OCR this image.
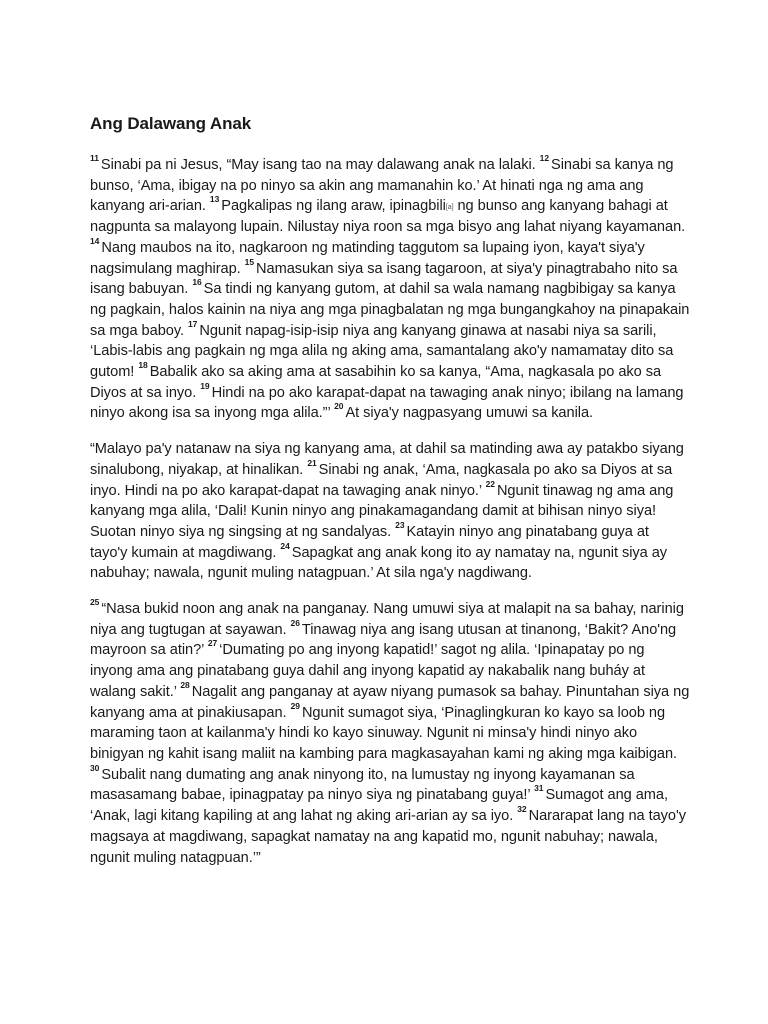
Ang Dalawang Anak

$^{11}$ Sinabi pa ni Jesus, “May isang tao na may dalawang anak na lalaki. $^{12}$ Sinabi sa kanya ng bunso, ‘Ama, ibigay na po ninyo sa akin ang mamanahin ko.’ At hinati nga ng ama ang kanyang ari-arian. $^{13}$ Pagkalipas ng ilang araw, ipinagbili[a] ng bunso ang kanyang bahagi at nagpunta sa malayong lupain. Nilustay niya roon sa mga bisyo ang lahat niyang kayamanan. $^{14}$ Nang maubos na ito, nagkaroon ng matinding taggutom sa lupaing iyon, kaya't siya'y nagsimulang maghirap. $^{15}$ Namasukan siya sa isang tagaroon, at siya'y pinagtrabaho nito sa isang babuyan. $^{16}$ Sa tindi ng kanyang gutom, at dahil sa wala namang nagbibigay sa kanya ng pagkain, halos kainin na niya ang mga pinagbalatan ng mga bungangkahoy na pinapakain sa mga baboy. $^{17}$ Ngunit napag-isip-isip niya ang kanyang ginawa at nasabi niya sa sarili, ‘Labis-labis ang pagkain ng mga alila ng aking ama, samantalang ako'y namamatay dito sa gutom! $^{18}$ Babalik ako sa aking ama at sasabihin ko sa kanya, “Ama, nagkasala po ako sa Diyos at sa inyo. $^{19}$ Hindi na po ako karapat-dapat na tawaging anak ninyo; ibilang na lamang ninyo akong isa sa inyong mga alila.”’ $^{20}$ At siya'y nagpasyang umuwi sa kanila.

“Malayo pa'y natanaw na siya ng kanyang ama, at dahil sa matinding awa ay patakbo siyang sinalubong, niyakap, at hinalikan. $^{21}$ Sinabi ng anak, ‘Ama, nagkasala po ako sa Diyos at sa inyo. Hindi na po ako karapat-dapat na tawaging anak ninyo.’ $^{22}$ Ngunit tinawag ng ama ang kanyang mga alila, ‘Dali! Kunin ninyo ang pinakamagandang damit at bihisan ninyo siya! Suotan ninyo siya ng singsing at ng sandalyas. $^{23}$ Katayin ninyo ang pinatabang guya at tayo'y kumain at magdiwang. $^{24}$ Sapagkat ang anak kong ito ay namatay na, ngunit siya ay nabuhay; nawala, ngunit muling natagpuan.’ At sila nga'y nagdiwang.

$^{25}$ “Nasa bukid noon ang anak na panganay. Nang umuwi siya at malapit na sa bahay, narinig niya ang tugtugan at sayawan. $^{26}$ Tinawag niya ang isang utusan at tinanong, ‘Bakit? Ano'ng mayroon sa atin?’ $^{27}$ ‘Dumating po ang inyong kapatid!’ sagot ng alila. ‘Ipinapatay po ng inyong ama ang pinatabang guya dahil ang inyong kapatid ay nakabalik nang buháy at walang sakit.’ $^{28}$ Nagalit ang panganay at ayaw niyang pumasok sa bahay. Pinuntahan siya ng kanyang ama at pinakiusapan. $^{29}$ Ngunit sumagot siya, ‘Pinaglingkuran ko kayo sa loob ng maraming taon at kailanma'y hindi ko kayo sinuway. Ngunit ni minsa'y hindi ninyo ako binigyan ng kahit isang maliit na kambing para magkasayahan kami ng aking mga kaibigan. $^{30}$ Subalit nang dumating ang anak ninyong ito, na lumustay ng inyong kayamanan sa masasamang babae, ipinagpatay pa ninyo siya ng pinatabang guya!’ $^{31}$ Sumagot ang ama, ‘Anak, lagi kitang kapiling at ang lahat ng aking ari-arian ay sa iyo. $^{32}$ Nararapat lang na tayo'y magsaya at magdiwang, sapagkat namatay na ang kapatid mo, ngunit nabuhay; nawala, ngunit muling natagpuan.’”
